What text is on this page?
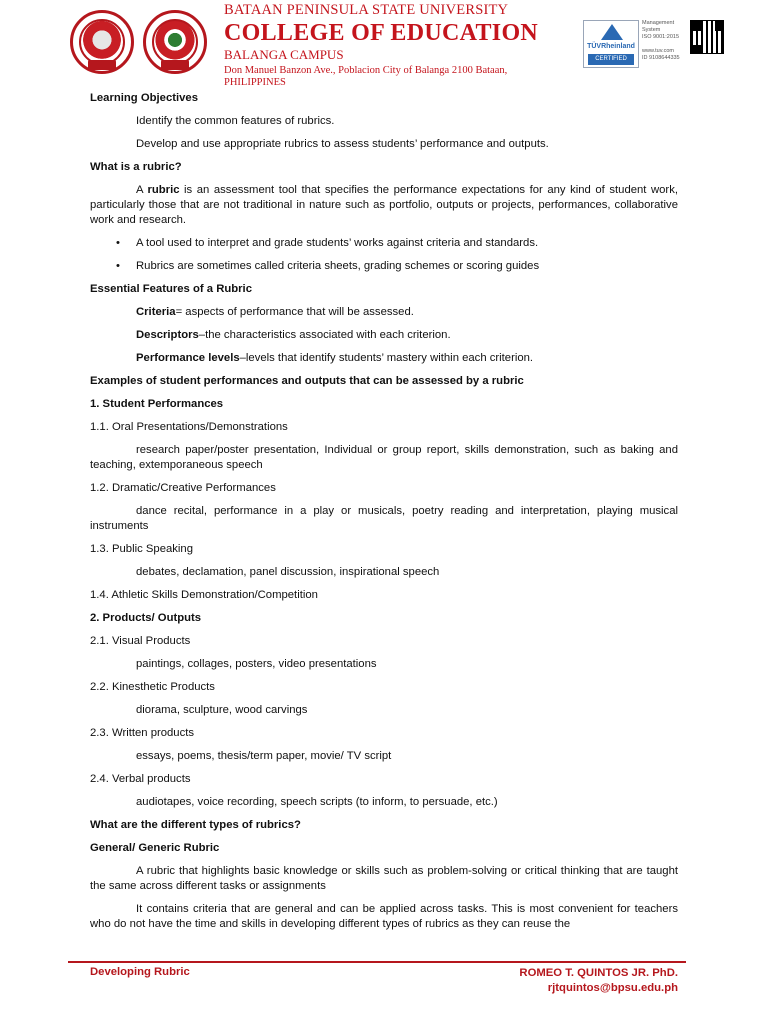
BATAAN PENINSULA STATE UNIVERSITY
COLLEGE OF EDUCATION
BALANGA CAMPUS
Don Manuel Banzon Ave., Poblacion City of Balanga 2100 Bataan, PHILIPPINES
TÜVRheinland
CERTIFIED
Management
System
ISO 9001:2015

www.tuv.com
ID 9108644335
Learning Objectives
Identify the common features of rubrics.
Develop and use appropriate rubrics to assess students’ performance and outputs.
What is a rubric?
A rubric is an assessment tool that specifies the performance expectations for any kind of student work, particularly those that are not traditional in nature such as portfolio, outputs or projects, performances, collaborative work and research.
• A tool used to interpret and grade students’ works against criteria and standards.
• Rubrics are sometimes called criteria sheets, grading schemes or scoring guides
Essential Features of a Rubric
Criteria= aspects of performance that will be assessed.
Descriptors–the characteristics associated with each criterion.
Performance levels–levels that identify students’ mastery within each criterion.
Examples of student performances and outputs that can be assessed by a rubric
1. Student Performances
1.1. Oral Presentations/Demonstrations
research paper/poster presentation, Individual or group report, skills demonstration, such as baking and teaching, extemporaneous speech
1.2. Dramatic/Creative Performances
dance recital, performance in a play or musicals, poetry reading and interpretation, playing musical instruments
1.3. Public Speaking
debates, declamation, panel discussion, inspirational speech
1.4. Athletic Skills Demonstration/Competition
2. Products/ Outputs
2.1. Visual Products
paintings, collages, posters, video presentations
2.2. Kinesthetic Products
diorama, sculpture, wood carvings
2.3. Written products
essays, poems, thesis/term paper, movie/ TV script
2.4. Verbal products
audiotapes, voice recording, speech scripts (to inform, to persuade, etc.)
What are the different types of rubrics?
General/ Generic Rubric
A rubric that highlights basic knowledge or skills such as problem-solving or critical thinking that are taught the same across different tasks or assignments
It contains criteria that are general and can be applied across tasks. This is most convenient for teachers who do not have the time and skills in developing different types of rubrics as they can reuse the
Developing Rubric	ROMEO T. QUINTOS JR. PhD.
rjtquintos@bpsu.edu.ph
